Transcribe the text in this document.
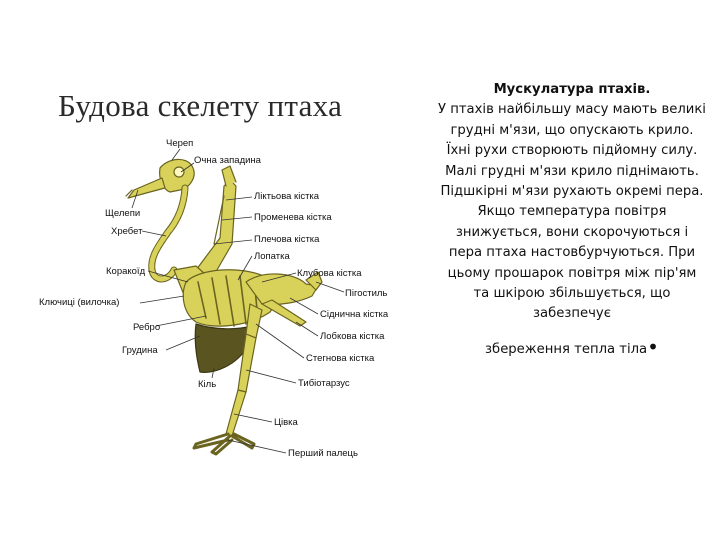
Будова скелету птаха
Череп
Очна западина
Щелепи
Ліктьова кістка
Хребет
Променева кістка
Плечова кістка
Лопатка
Коракоїд	Клубова кістка
Ключиці (вилочка)
Пігостиль
Сіднична кістка
Ребро
Лобкова кістка
Грудина
Стегнова кістка
Кіль	Тибіотарзус
Цівка
Перший палець
Мускулатура птахів.

У птахів найбільшу масу мають великі грудні м'язи, що опускають крило. Їхні рухи створюють підйомну силу. Малі грудні м'язи крило піднімають. Підшкірні м'язи рухають окремі пера. Якщо температура повітря знижується, вони скорочуються і пера птаха настовбурчуються. При цьому прошарок повітря між пір'ям та шкірою збільшується, що забезпечує
збереження тепла тіла•
